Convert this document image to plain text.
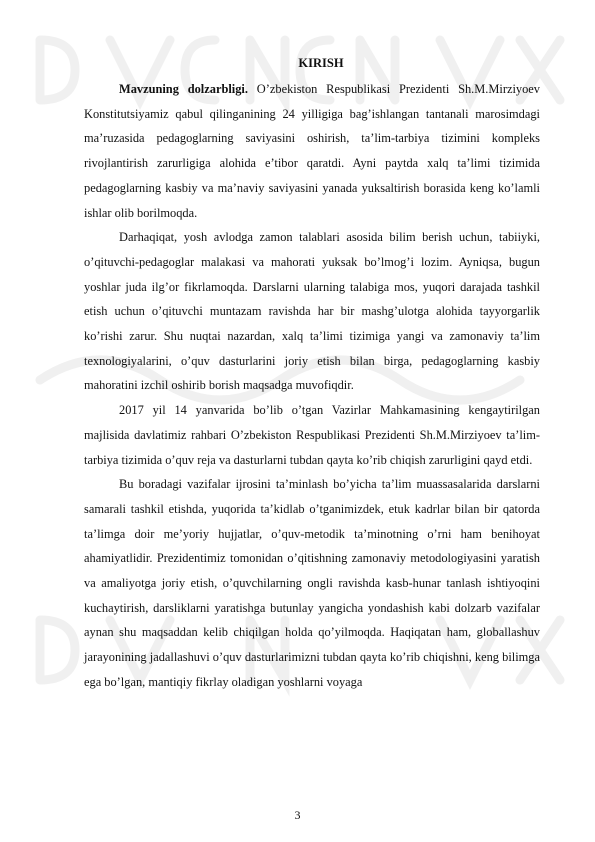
KIRISH

Mavzuning dolzarbligi. O’zbekiston Respublikasi Prezidenti Sh.M.Mirziyoev Konstitutsiyamiz qabul qilinganining 24 yilligiga bag’ishlangan tantanali marosimdagi ma’ruzasida pedagoglarning saviyasini oshirish, ta’lim-tarbiya tizimini kompleks rivojlantirish zarurligiga alohida e’tibor qaratdi. Ayni paytda xalq ta’limi tizimida pedagoglarning kasbiy va ma’naviy saviyasini yanada yuksaltirish borasida keng ko’lamli ishlar olib borilmoqda.

Darhaqiqat, yosh avlodga zamon talablari asosida bilim berish uchun, tabiiyki, o’qituvchi-pedagoglar malakasi va mahorati yuksak bo’lmog’i lozim. Ayniqsa, bugun yoshlar juda ilg’or fikrlamoqda. Darslarni ularning talabiga mos, yuqori darajada tashkil etish uchun o’qituvchi muntazam ravishda har bir mashg’ulotga alohida tayyorgarlik ko’rishi zarur. Shu nuqtai nazardan, xalq ta’limi tizimiga yangi va zamonaviy ta’lim texnologiyalarini, o’quv dasturlarini joriy etish bilan birga, pedagoglarning kasbiy mahoratini izchil oshirib borish maqsadga muvofiqdir.

2017 yil 14 yanvarida bo’lib o’tgan Vazirlar Mahkamasining kengaytirilgan majlisida davlatimiz rahbari O’zbekiston Respublikasi Prezidenti Sh.M.Mirziyoev ta’lim-tarbiya tizimida o’quv reja va dasturlarni tubdan qayta ko’rib chiqish zarurligini qayd etdi.

Bu boradagi vazifalar ijrosini ta’minlash bo’yicha ta’lim muassasalarida darslarni samarali tashkil etishda, yuqorida ta’kidlab o’tganimizdek, etuk kadrlar bilan bir qatorda ta’limga doir me’yoriy hujjatlar, o’quv-metodik ta’minotning o’rni ham benihoyat ahamiyatlidir. Prezidentimiz tomonidan o’qitishning zamonaviy metodologiyasini yaratish va amaliyotga joriy etish, o’quvchilarning ongli ravishda kasb-hunar tanlash ishtiyoqini kuchaytirish, darsliklarni yaratishga butunlay yangicha yondashish kabi dolzarb vazifalar aynan shu maqsaddan kelib chiqilgan holda qo’yilmoqda. Haqiqatan ham, globallashuv jarayonining jadallashuvi o’quv dasturlarimizni tubdan qayta ko’rib chiqishni, keng bilimga ega bo’lgan, mantiqiy fikrlay oladigan yoshlarni voyaga

3
